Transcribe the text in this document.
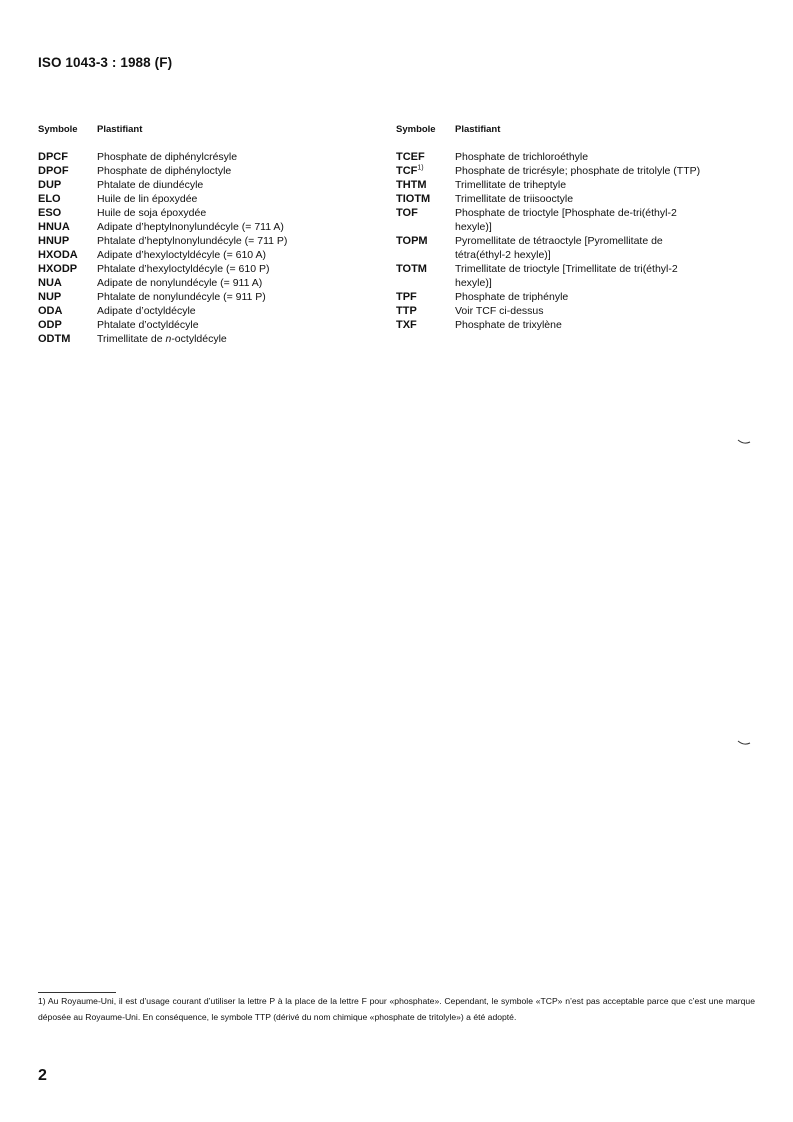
ISO 1043-3 : 1988 (F)
Symbole	Plastifiant
DPCF	Phosphate de diphénylcrésyle
DPOF	Phosphate de diphényloctyle
DUP	Phtalate de diundécyle
ELO	Huile de lin époxydée
ESO	Huile de soja époxydée
HNUA	Adipate d’heptylnonylundécyle (= 711 A)
HNUP	Phtalate d’heptylnonylundécyle (= 711 P)
HXODA	Adipate d’hexyloctyldécyle (= 610 A)
HXODP	Phtalate d’hexyloctyldécyle (= 610 P)
NUA	Adipate de nonylundécyle (= 911 A)
NUP	Phtalate de nonylundécyle (= 911 P)
ODA	Adipate d’octyldécyle
ODP	Phtalate d’octyldécyle
ODTM	Trimellitate de n-octyldécyle
Symbole	Plastifiant
TCEF	Phosphate de trichloroéthyle
TCF$^{1)}$	Phosphate de tricrésyle; phosphate de tritolyle (TTP)
THTM	Trimellitate de triheptyle
TIOTM	Trimellitate de triisooctyle
TOF	Phosphate de trioctyle [Phosphate de-tri(éthyl-2 hexyle)]
TOPM	Pyromellitate de tétraoctyle [Pyromellitate de tétra(éthyl-2 hexyle)]
TOTM	Trimellitate de trioctyle [Trimellitate de tri(éthyl-2 hexyle)]
TPF	Phosphate de triphényle
TTP	Voir TCF ci-dessus
TXF	Phosphate de trixylène
1) Au Royaume-Uni, il est d’usage courant d’utiliser la lettre P à la place de la lettre F pour «phosphate». Cependant, le symbole «TCP» n’est pas acceptable parce que c’est une marque déposée au Royaume-Uni. En conséquence, le symbole TTP (dérivé du nom chimique «phosphate de tritolyle») a été adopté.
2
